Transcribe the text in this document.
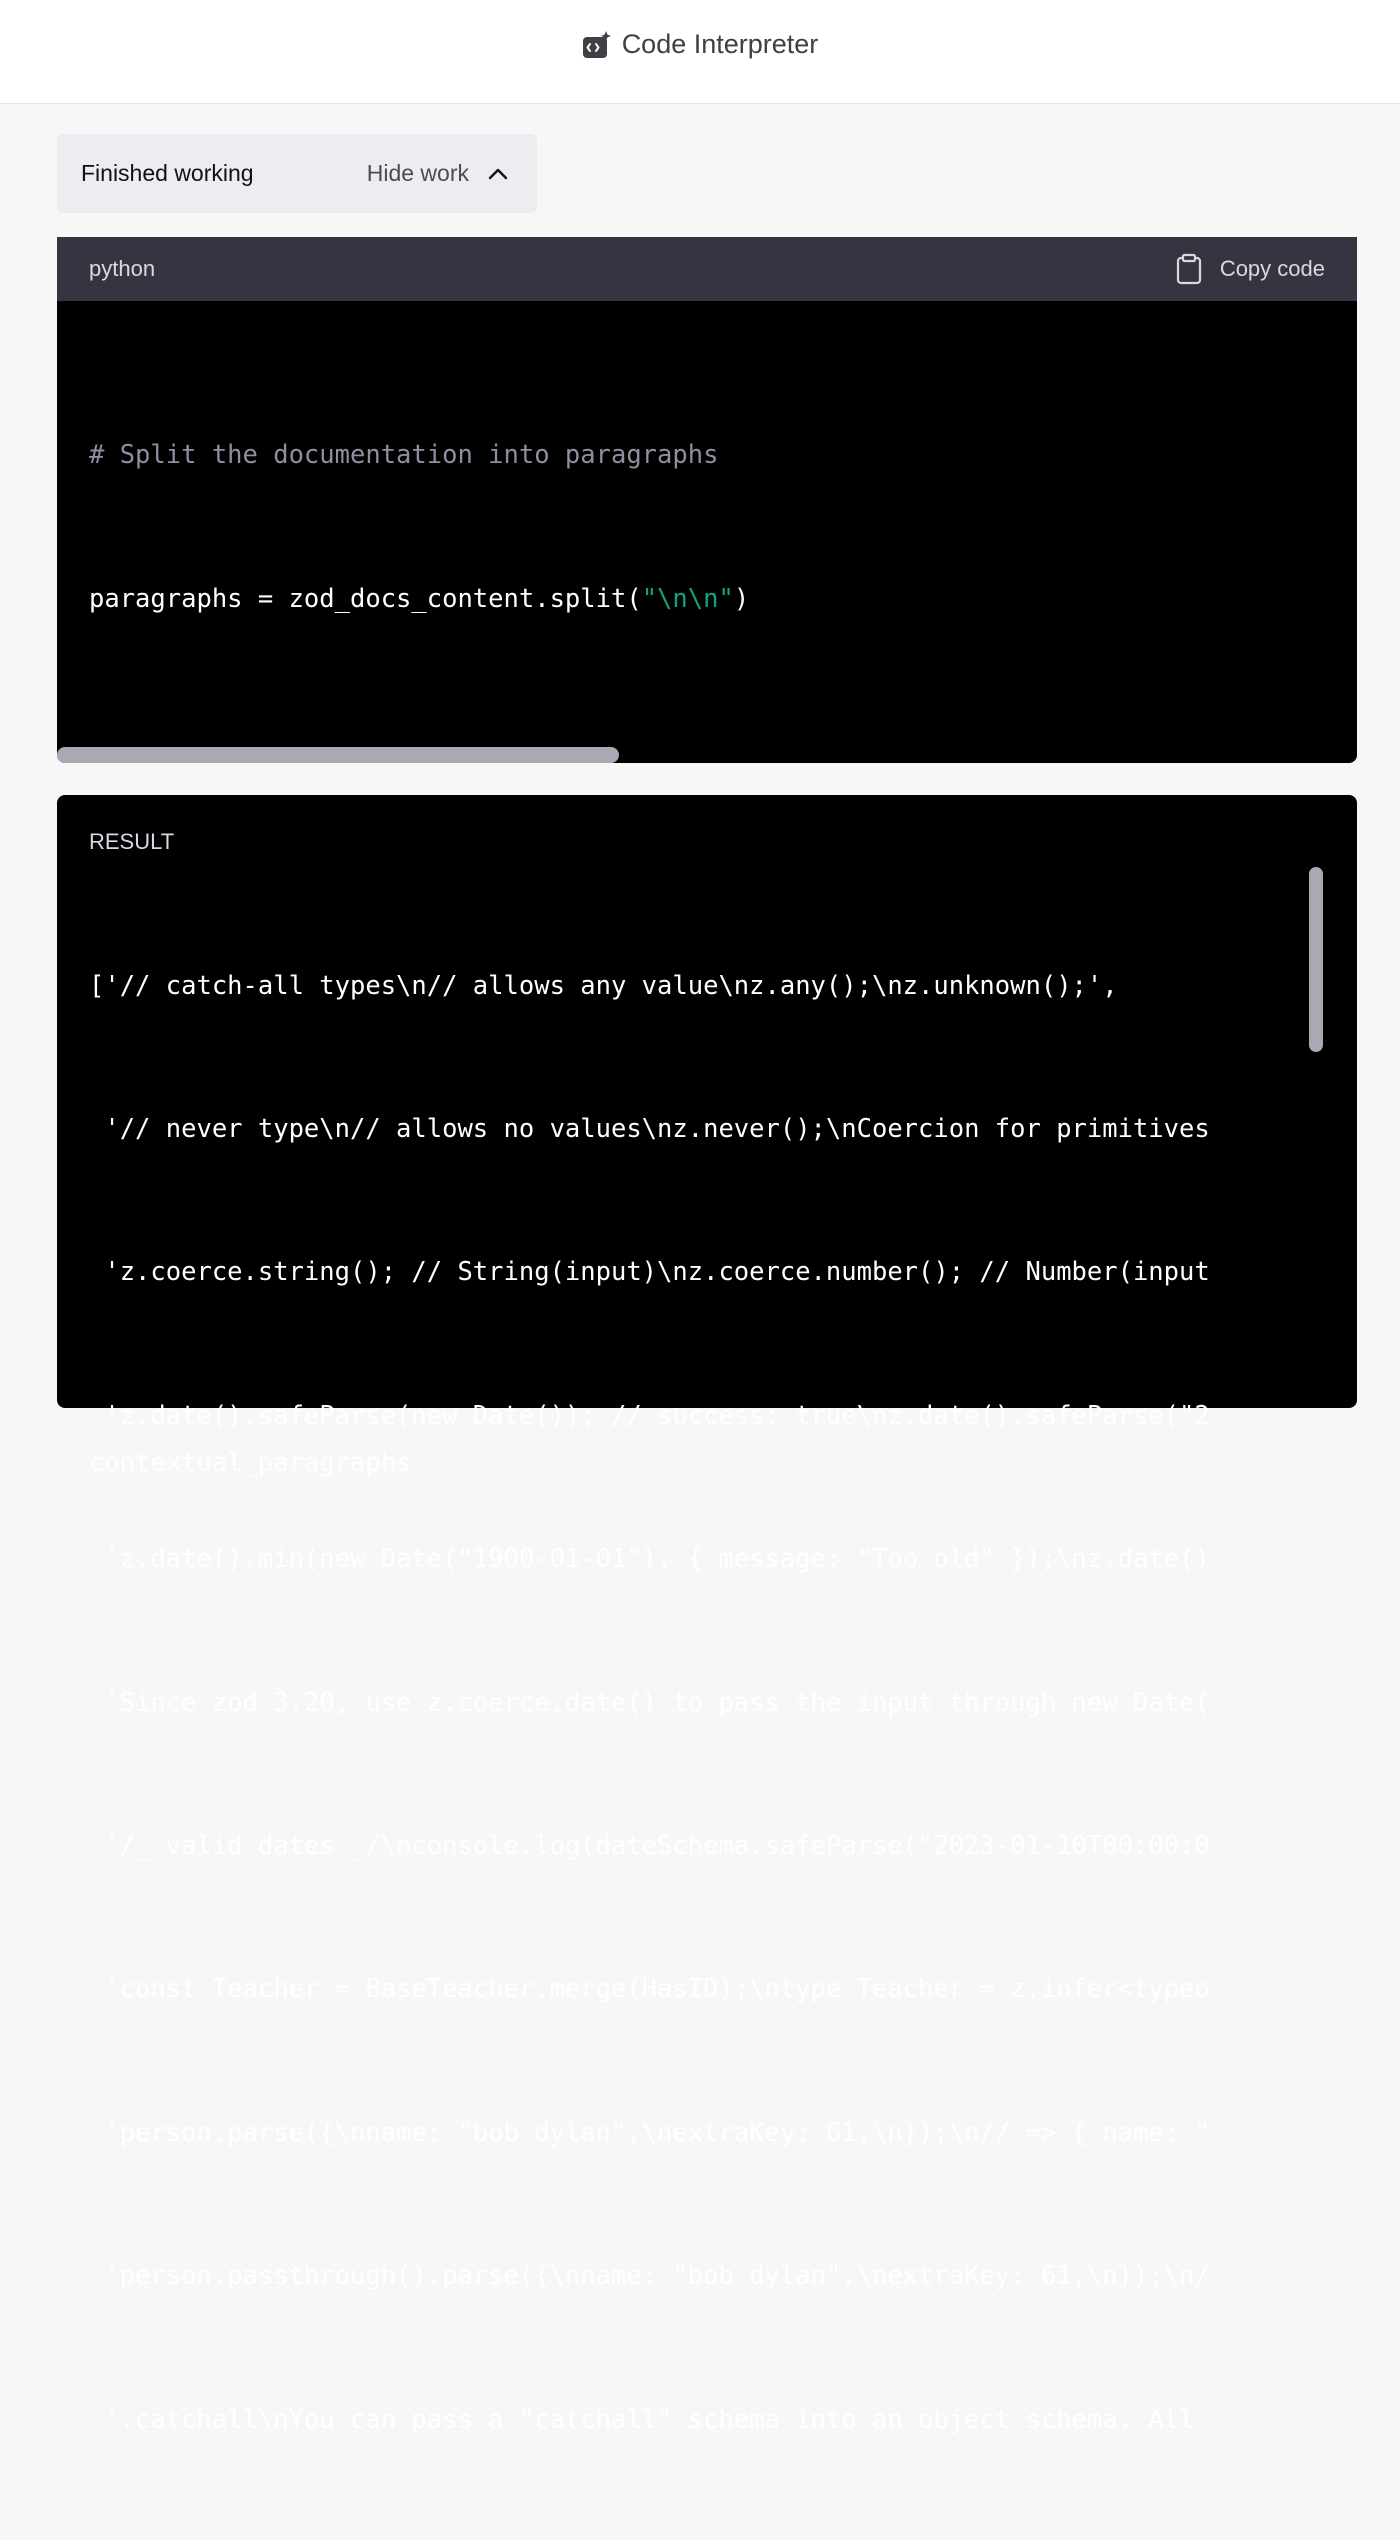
Code Interpreter
Finished working	Hide work
python	Copy code

# Split the documentation into paragraphs

paragraphs = zod_docs_content.split("\n\n")

contextual_paragraphs

RESULT

['// catch-all types\n// allows any value\nz.any();\nz.unknown();',

'// never type\n// allows no values\nz.never();\nCoercion for primitives

'z.coerce.string(); // String(input)\nz.coerce.number(); // Number(input

'z.date().safeParse(new Date()); // success: true\nz.date().safeParse("2

'z.date().min(new Date("1900-01-01"), { message: "Too old" });\nz.date()

'Since zod 3.20, use z.coerce.date() to pass the input through new Date(

'/_ valid dates _/\nconsole.log(dateSchema.safeParse("2023-01-10T00:00:0

'const Teacher = BaseTeacher.merge(HasID);\ntype Teacher = z.infer<typeo

'person.parse({\nname: "bob dylan",\nextraKey: 61,\n});\n// => { name: "

'person.passthrough().parse({\nname: "bob dylan",\nextraKey: 61,\n});\n/

'.catchall\nYou can pass a "catchall" schema into an object schema. All
